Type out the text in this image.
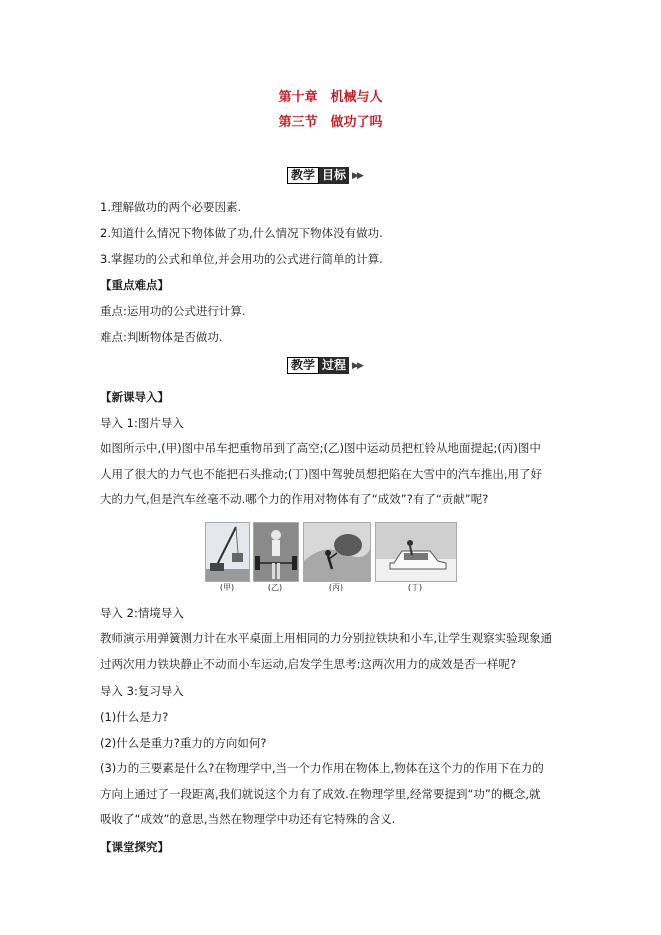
第十章　机械与人
第三节　做功了吗
教学 目标 ▶▶
1.理解做功的两个必要因素.
2.知道什么情况下物体做了功,什么情况下物体没有做功.
3.掌握功的公式和单位,并会用功的公式进行简单的计算.
【重点难点】
重点:运用功的公式进行计算.
难点:判断物体是否做功.
教学 过程 ▶▶
【新课导入】
导入 1:图片导入
如图所示中,(甲)图中吊车把重物吊到了高空;(乙)图中运动员把杠铃从地面提起;(丙)图中
人用了很大的力气也不能把石头推动;(丁)图中驾驶员想把陷在大雪中的汽车推出,用了好
大的力气,但是汽车丝毫不动.哪个力的作用对物体有了“成效”?有了“贡献”呢?
(甲)	(乙)	(丙)	(丁)
导入 2:情境导入
教师演示用弹簧测力计在水平桌面上用相同的力分别拉铁块和小车,让学生观察实验现象通
过两次用力铁块静止不动而小车运动,启发学生思考:这两次用力的成效是否一样呢?
导入 3:复习导入
(1)什么是力?
(2)什么是重力?重力的方向如何?
(3)力的三要素是什么?在物理学中,当一个力作用在物体上,物体在这个力的作用下在力的
方向上通过了一段距离,我们就说这个力有了成效.在物理学里,经常要提到“功”的概念,就
吸收了“成效”的意思,当然在物理学中功还有它特殊的含义.
【课堂探究】
